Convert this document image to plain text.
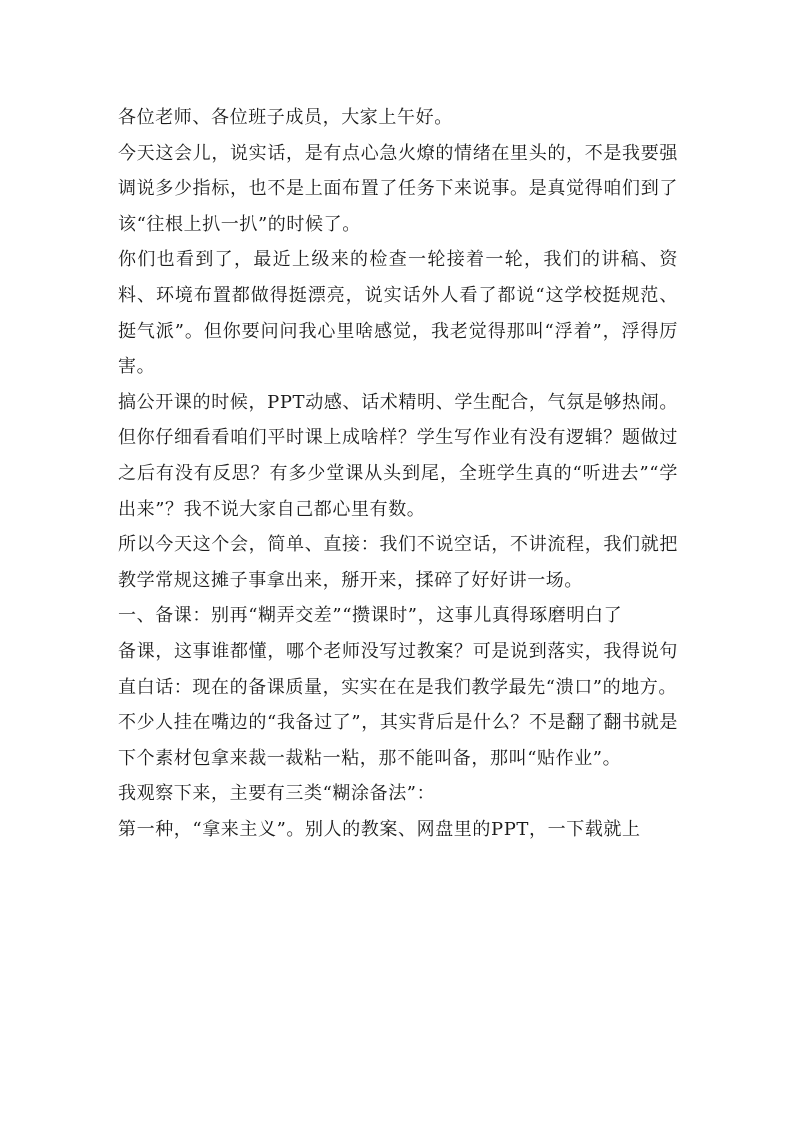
各位老师、各位班子成员，大家上午好。

今天这会儿，说实话，是有点心急火燎的情绪在里头的，不是我要强调说多少指标，也不是上面布置了任务下来说事。是真觉得咱们到了该“往根上扒一扒”的时候了。

你们也看到了，最近上级来的检查一轮接着一轮，我们的讲稿、资料、环境布置都做得挺漂亮，说实话外人看了都说“这学校挺规范、挺气派”。但你要问问我心里啥感觉，我老觉得那叫“浮着”，浮得厉害。

搞公开课的时候，PPT动感、话术精明、学生配合，气氛是够热闹。但你仔细看看咱们平时课上成啥样？学生写作业有没有逻辑？题做过之后有没有反思？有多少堂课从头到尾，全班学生真的“听进去”“学出来”？我不说大家自己都心里有数。

所以今天这个会，简单、直接：我们不说空话，不讲流程，我们就把教学常规这摊子事拿出来，掰开来，揉碎了好好讲一场。

一、备课：别再“糊弄交差”“攒课时”，这事儿真得琢磨明白了

备课，这事谁都懂，哪个老师没写过教案？可是说到落实，我得说句直白话：现在的备课质量，实实在在是我们教学最先“溃口”的地方。

不少人挂在嘴边的“我备过了”，其实背后是什么？不是翻了翻书就是下个素材包拿来裁一裁粘一粘，那不能叫备，那叫“贴作业”。

我观察下来，主要有三类“糊涂备法”：

第一种，“拿来主义”。别人的教案、网盘里的PPT，一下载就上
